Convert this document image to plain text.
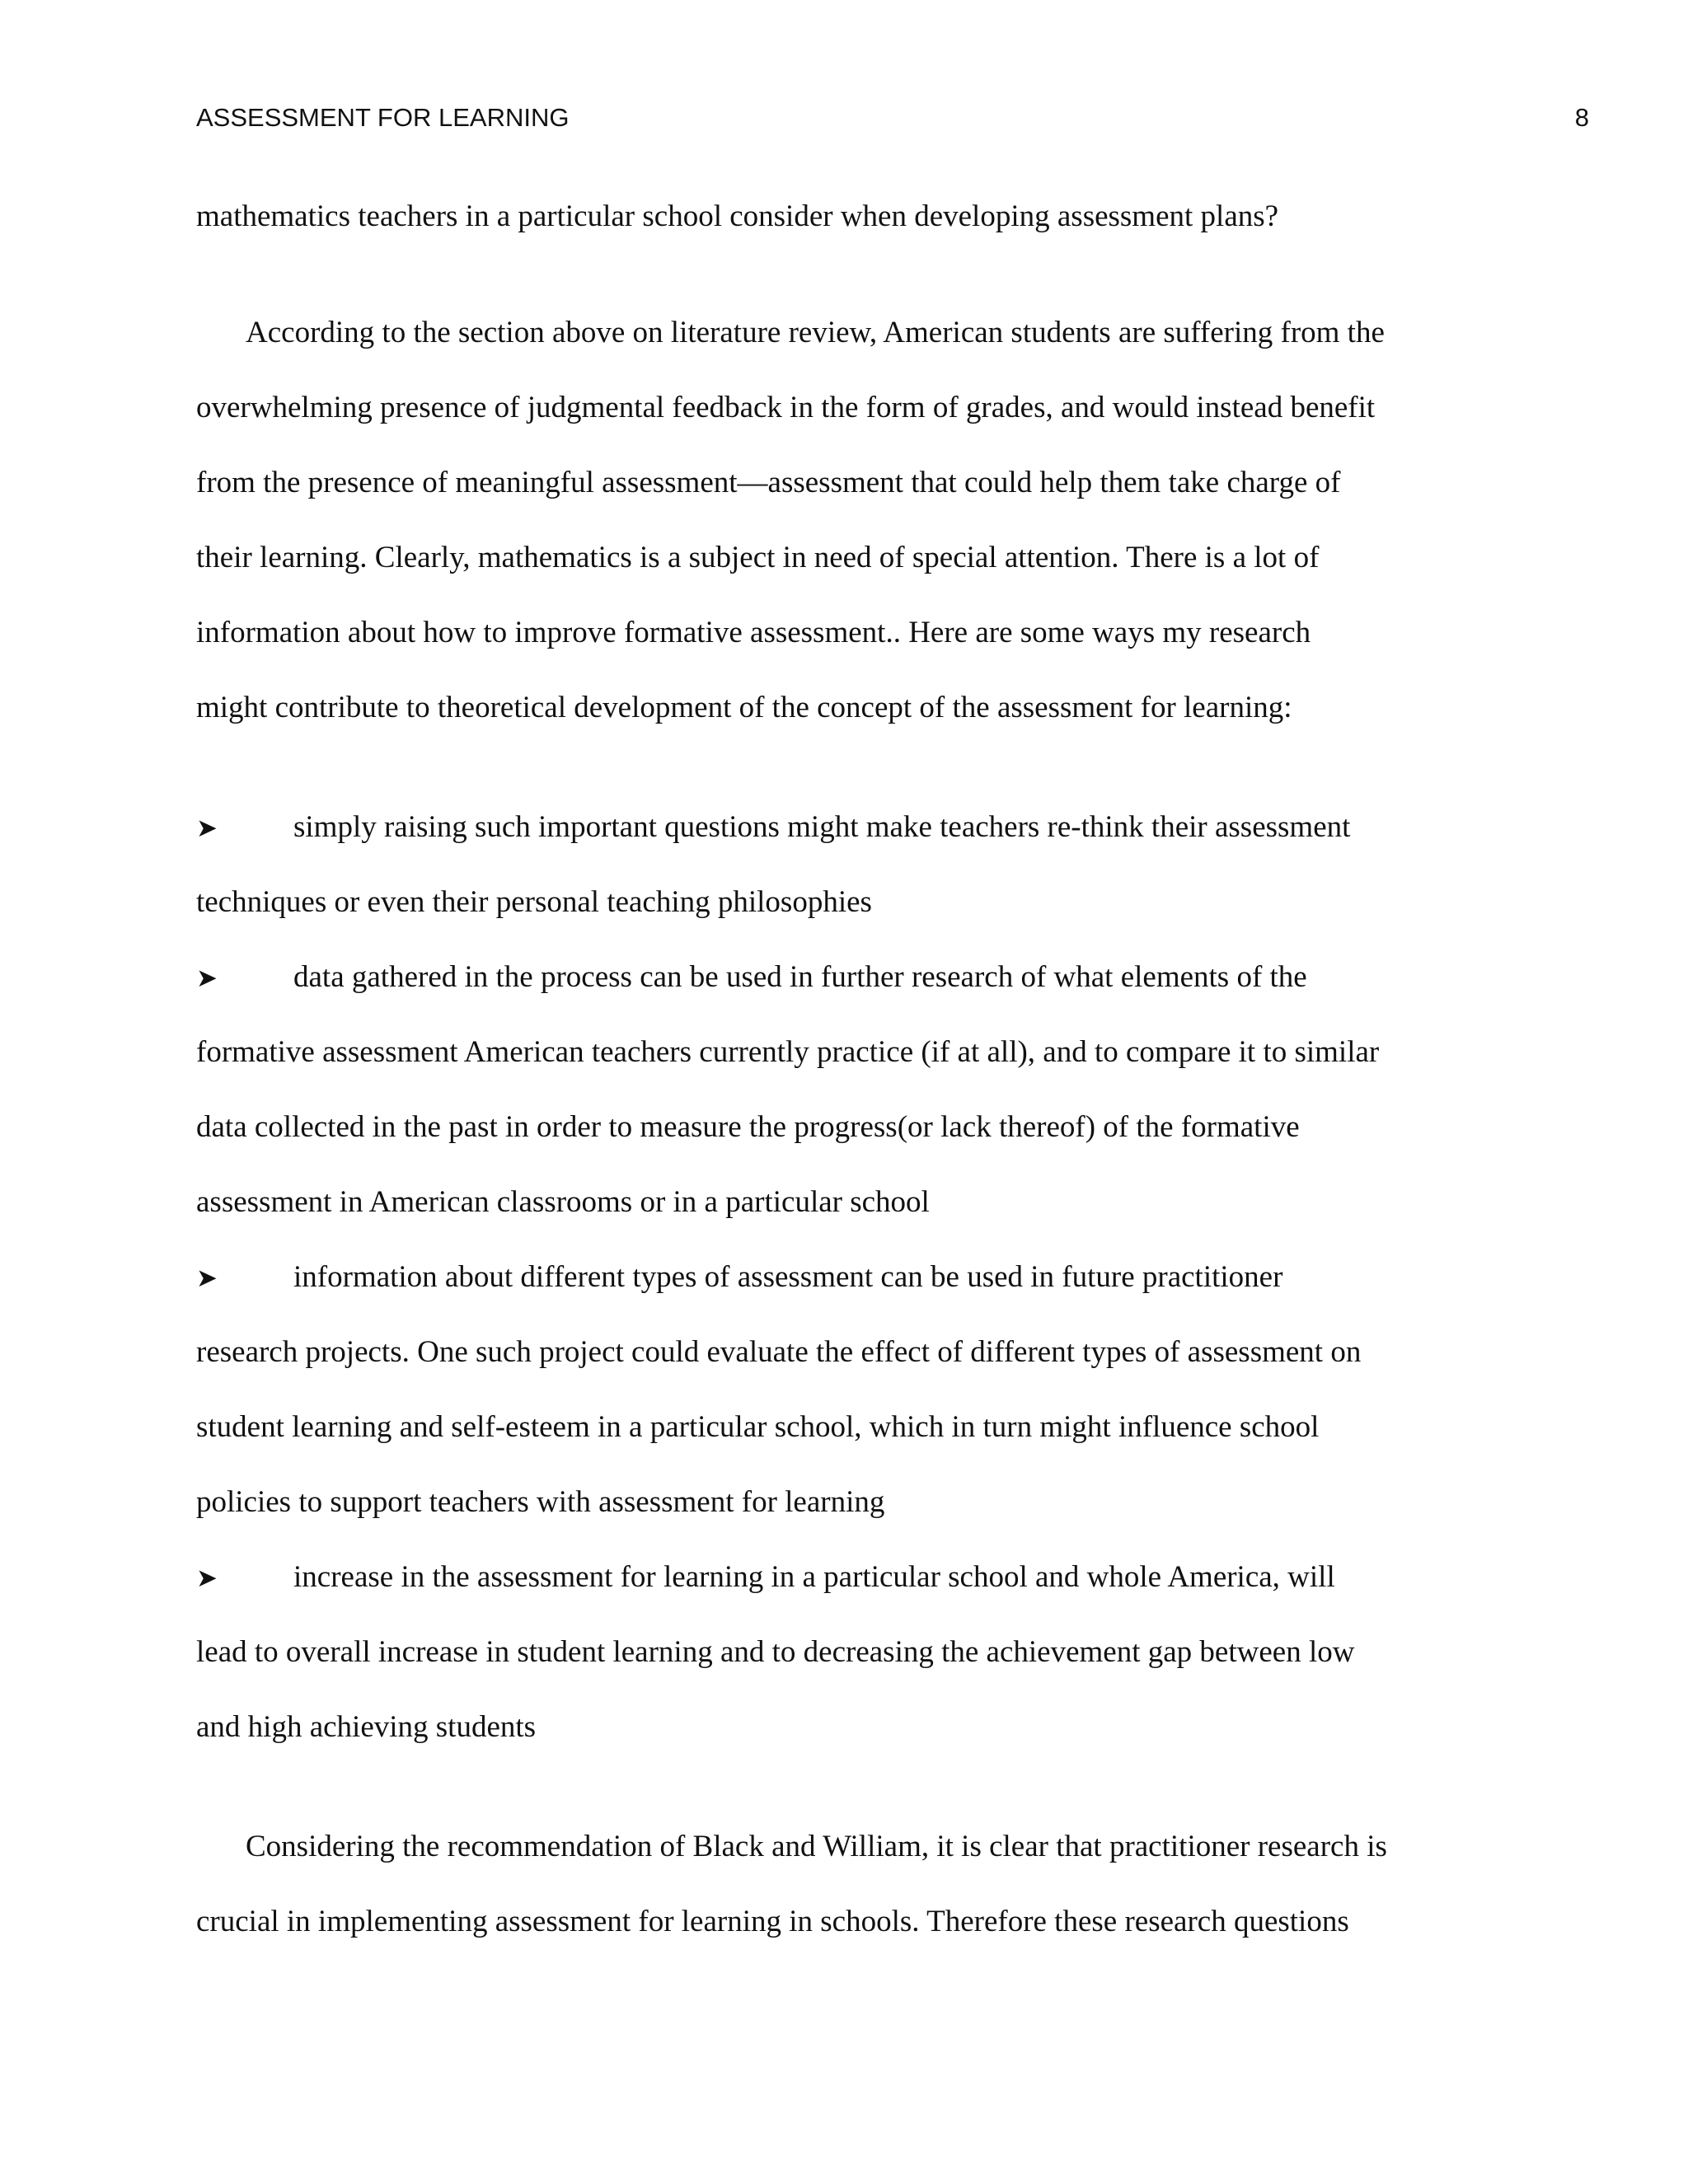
ASSESSMENT FOR LEARNING	8
mathematics teachers in a particular school consider when developing assessment plans?
According to the section above on literature review, American students are suffering from the
overwhelming presence of judgmental feedback in the form of grades, and would instead benefit
from the presence of meaningful assessment—assessment that could help them take charge of
their learning. Clearly, mathematics is a subject in need of special attention. There is a lot of
information about how to improve formative assessment.. Here are some ways my research
might contribute to theoretical development of the concept of the assessment for learning:
➤	simply raising such important questions might make teachers re-think their assessment
techniques or even their personal teaching philosophies
➤	data gathered in the process can be used in further research of what elements of the
formative assessment American teachers currently practice (if at all), and to compare it to similar
data collected in the past in order to measure the progress(or lack thereof) of the formative
assessment in American classrooms or in a particular school
➤	information about different types of assessment can be used in future practitioner
research projects. One such project could evaluate the effect of different types of assessment on
student learning and self-esteem in a particular school, which in turn might influence school
policies to support teachers with assessment for learning
➤	increase in the assessment for learning in a particular school and whole America, will
lead to overall increase in student learning and to decreasing the achievement gap between low
and high achieving students
Considering the recommendation of Black and William, it is clear that practitioner research is
crucial in implementing assessment for learning in schools. Therefore these research questions
